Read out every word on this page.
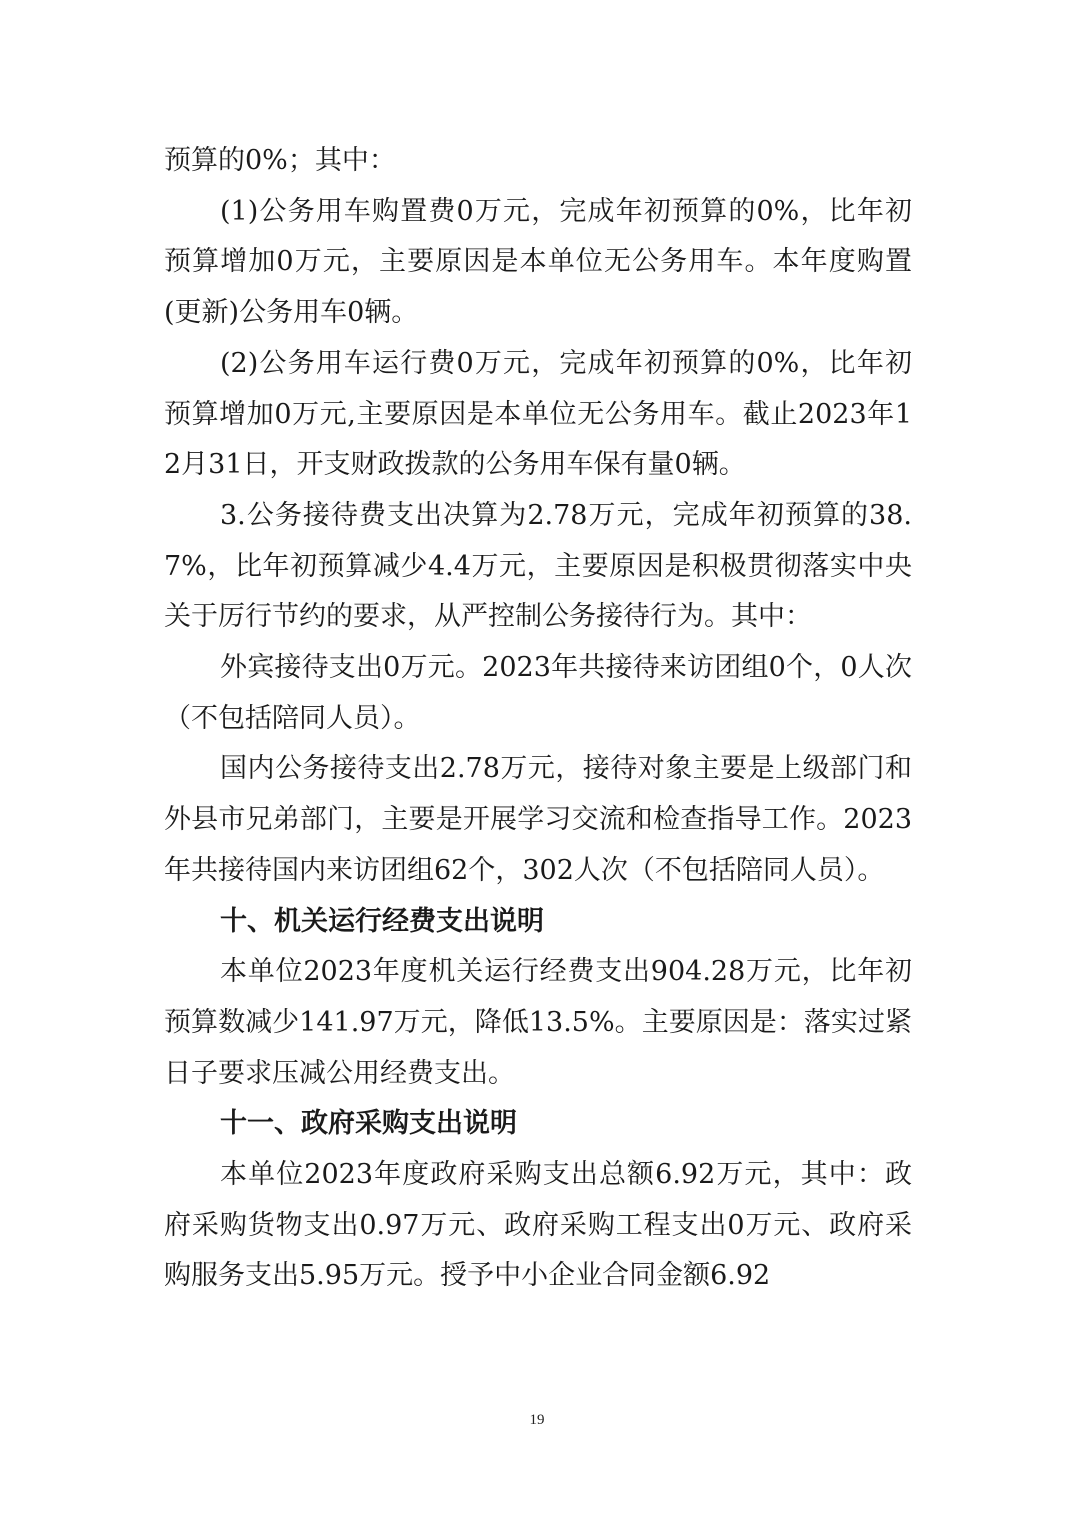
预算的0%；其中：

(1)公务用车购置费0万元，完成年初预算的0%，比年初预算增加0万元，主要原因是本单位无公务用车。本年度购置(更新)公务用车0辆。

(2)公务用车运行费0万元，完成年初预算的0%，比年初预算增加0万元,主要原因是本单位无公务用车。截止2023年12月31日，开支财政拨款的公务用车保有量0辆。

3.公务接待费支出决算为2.78万元，完成年初预算的38.7%，比年初预算减少4.4万元，主要原因是积极贯彻落实中央关于厉行节约的要求，从严控制公务接待行为。其中：

外宾接待支出0万元。2023年共接待来访团组0个，0人次（不包括陪同人员）。

国内公务接待支出2.78万元，接待对象主要是上级部门和外县市兄弟部门，主要是开展学习交流和检查指导工作。2023年共接待国内来访团组62个，302人次（不包括陪同人员）。

十、机关运行经费支出说明

本单位2023年度机关运行经费支出904.28万元，比年初预算数减少141.97万元，降低13.5%。主要原因是：落实过紧日子要求压减公用经费支出。

十一、政府采购支出说明

本单位2023年度政府采购支出总额6.92万元，其中：政府采购货物支出0.97万元、政府采购工程支出0万元、政府采购服务支出5.95万元。授予中小企业合同金额6.92

19
